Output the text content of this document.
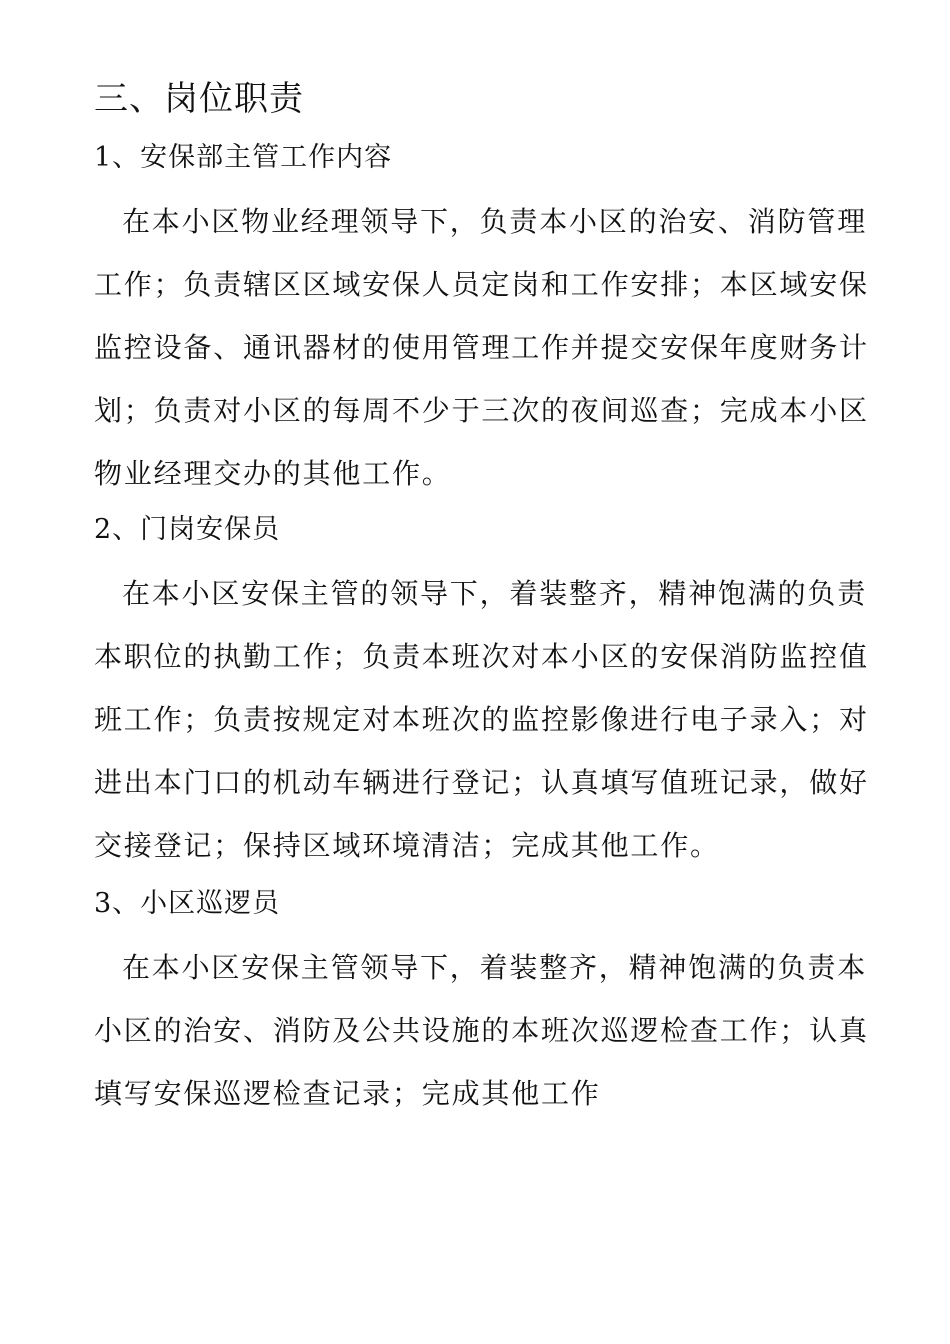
三、岗位职责
1、安保部主管工作内容
在本小区物业经理领导下，负责本小区的治安、消防管理
工作；负责辖区区域安保人员定岗和工作安排；本区域安保
监控设备、通讯器材的使用管理工作并提交安保年度财务计
划；负责对小区的每周不少于三次的夜间巡查；完成本小区
物业经理交办的其他工作。
2、门岗安保员
在本小区安保主管的领导下，着装整齐，精神饱满的负责
本职位的执勤工作；负责本班次对本小区的安保消防监控值
班工作；负责按规定对本班次的监控影像进行电子录入；对
进出本门口的机动车辆进行登记；认真填写值班记录，做好
交接登记；保持区域环境清洁；完成其他工作。
3、小区巡逻员
在本小区安保主管领导下，着装整齐，精神饱满的负责本
小区的治安、消防及公共设施的本班次巡逻检查工作；认真
填写安保巡逻检查记录；完成其他工作
